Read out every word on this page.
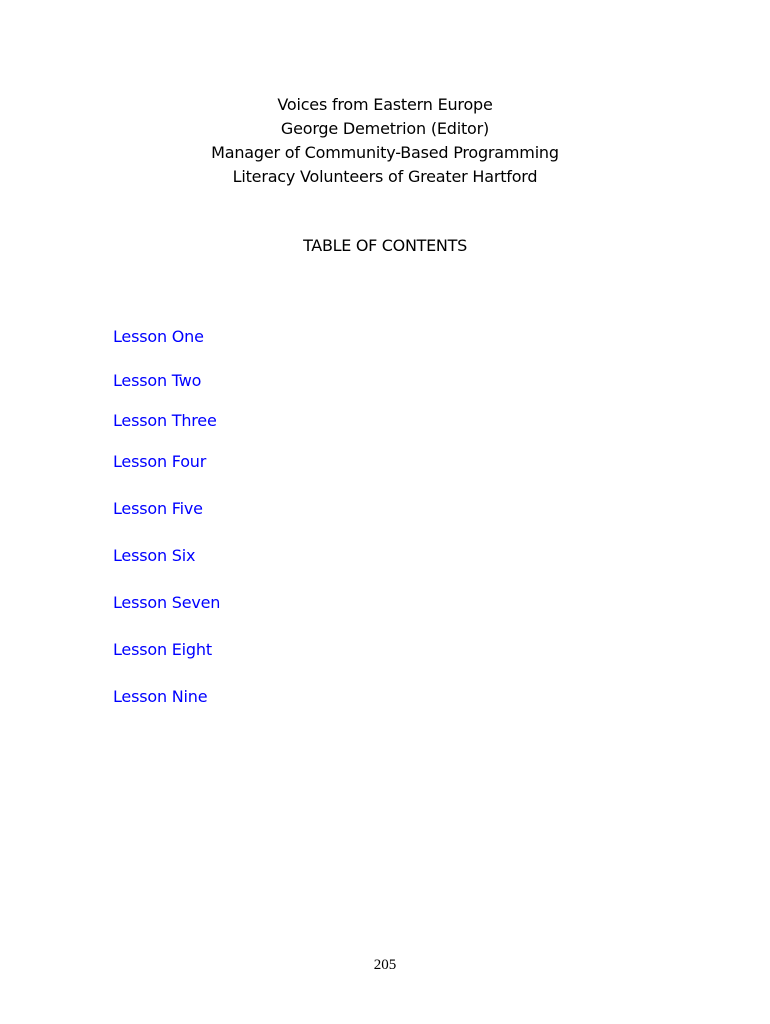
Voices from Eastern Europe
George Demetrion (Editor)
Manager of Community-Based Programming
Literacy Volunteers of Greater Hartford
TABLE OF CONTENTS
Lesson One
Lesson Two
Lesson Three
Lesson Four
Lesson Five
Lesson Six
Lesson Seven
Lesson Eight
Lesson Nine
205
